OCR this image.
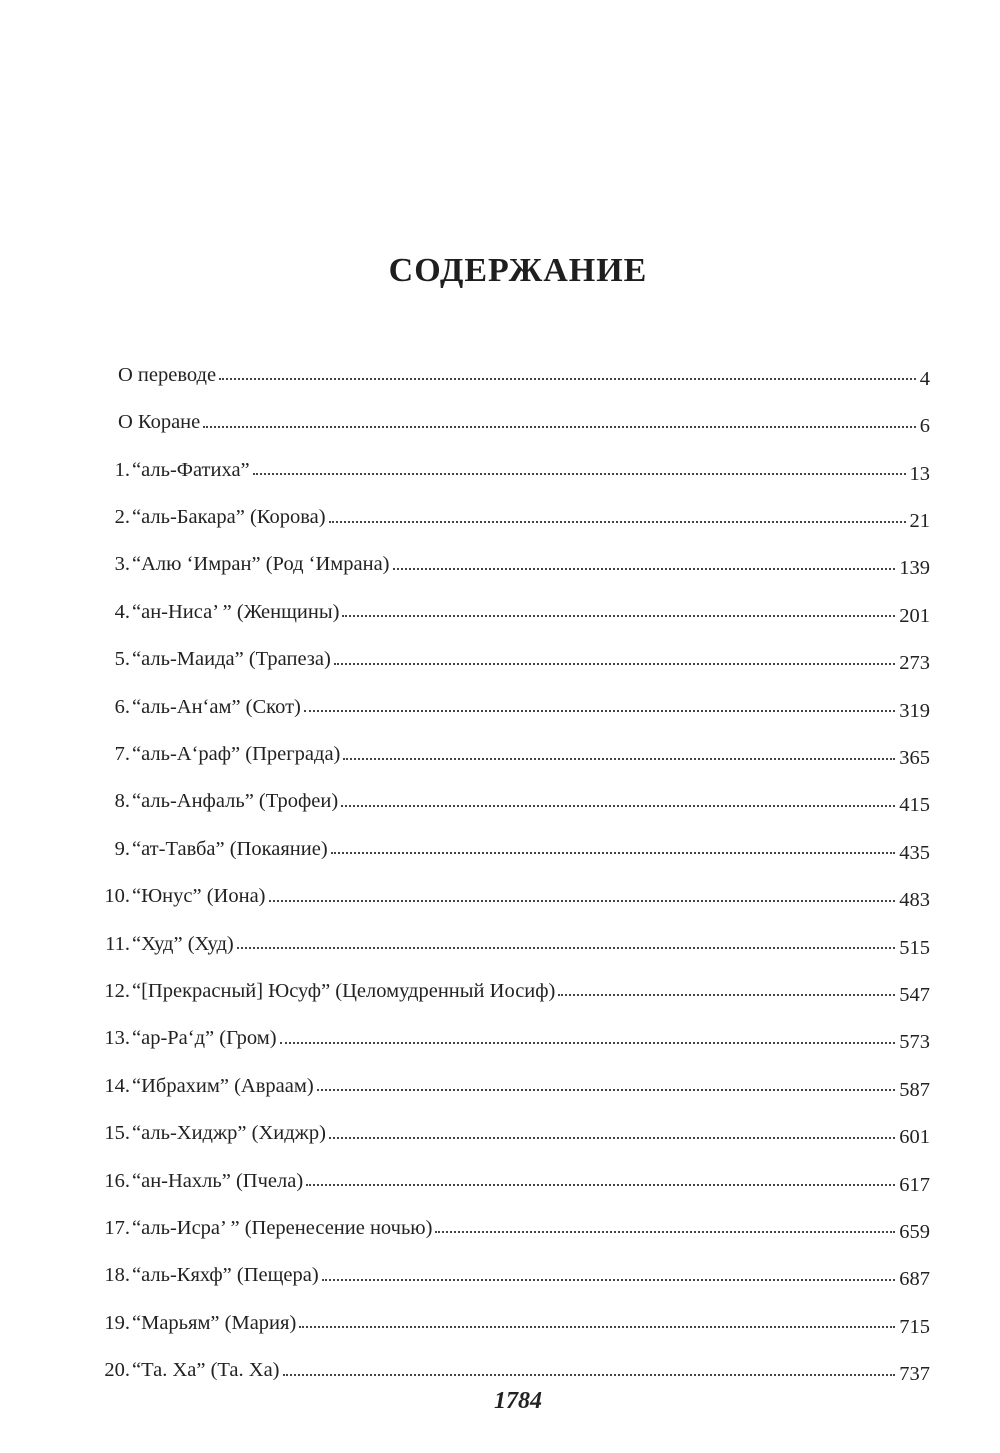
СОДЕРЖАНИЕ
О переводе	4
О Коране	6
1. “аль-Фатиха”	13
2. “аль-Бакара” (Корова)	21
3. “Алю ‘Имран” (Род ‘Имрана)	139
4. “ан-Ниса’ ” (Женщины)	201
5. “аль-Маида” (Трапеза)	273
6. “аль-Ан‘ам” (Скот)	319
7. “аль-А‘раф” (Преграда)	365
8. “аль-Анфаль” (Трофеи)	415
9. “ат-Тавба” (Покаяние)	435
10. “Юнус” (Иона)	483
11. “Худ” (Худ)	515
12. “[Прекрасный] Юсуф” (Целомудренный Иосиф)	547
13. “ар-Ра‘д” (Гром)	573
14. “Ибрахим” (Авраам)	587
15. “аль-Хиджр” (Хиджр)	601
16. “ан-Нахль” (Пчела)	617
17. “аль-Исра’ ” (Перенесение ночью)	659
18. “аль-Кяхф” (Пещера)	687
19. “Марьям” (Мария)	715
20. “Та. Ха” (Та. Ха)	737
1784
